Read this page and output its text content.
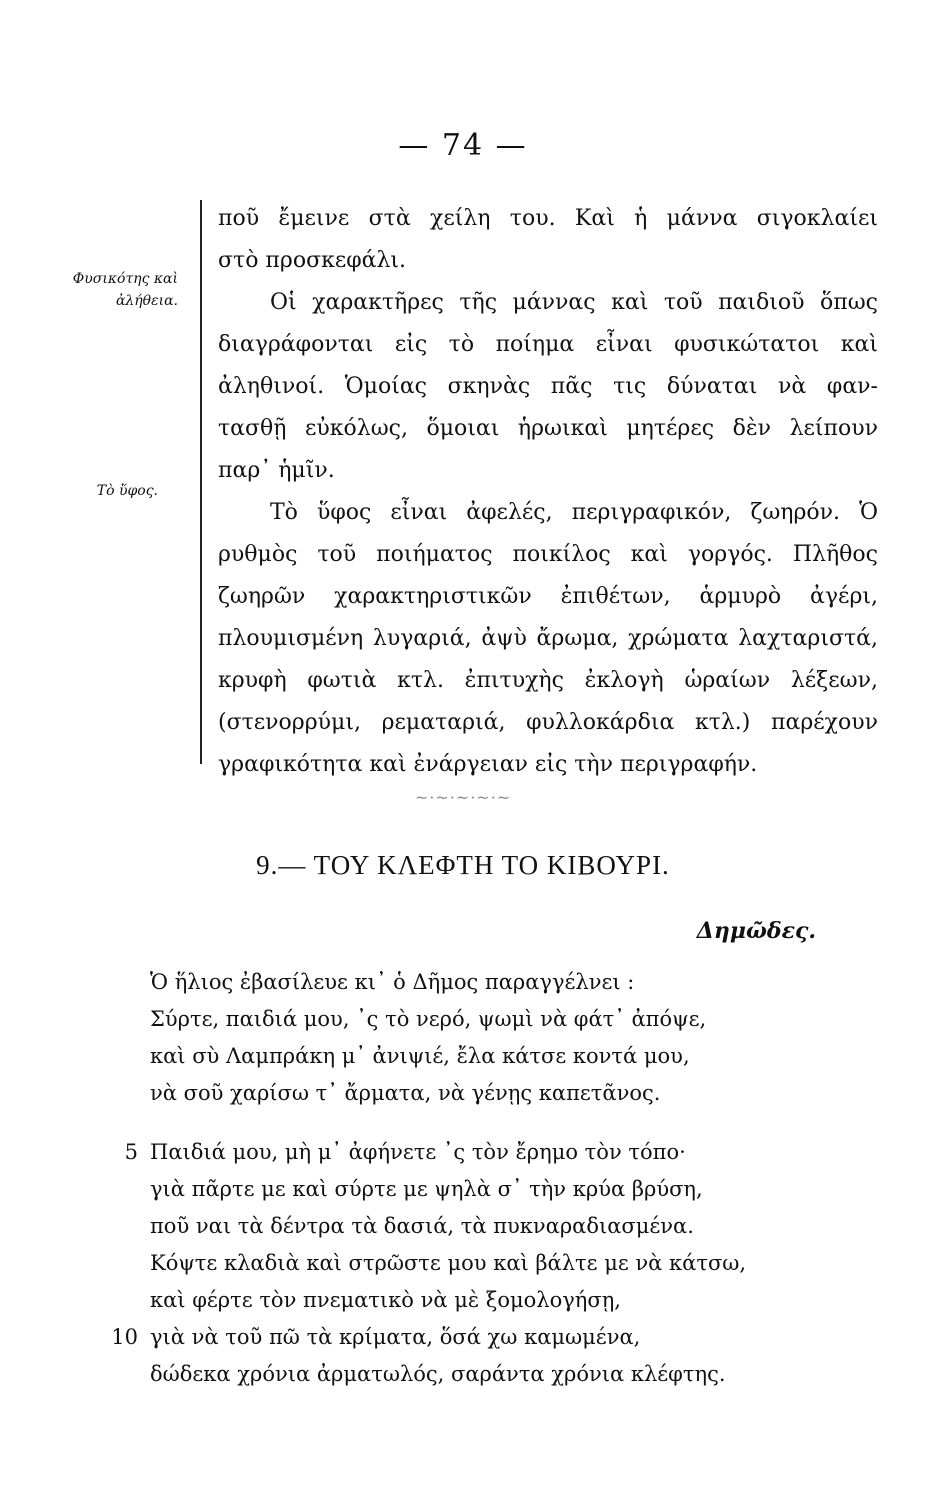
— 74 —
Φυσικότης καὶ
ἀλήθεια.
Τὸ ὕφος.
ποῦ ἔμεινε στὰ χείλη του. Καὶ ἡ μάννα σιγοκλαίει
στὸ προσκεφάλι.
Οἱ χαρακτῆρες τῆς μάννας καὶ τοῦ παιδιοῦ ὅπως
διαγράφονται εἰς τὸ ποίημα εἶναι φυσικώτατοι καὶ
ἀληθινοί. Ὁμοίας σκηνὰς πᾶς τις δύναται νὰ φαν-
τασθῇ εὐκόλως, ὅμοιαι ἡρωικαὶ μητέρες δὲν λείπουν
παρ᾽ ἡμῖν.
Τὸ ὕφος εἶναι ἀφελές, περιγραφικόν, ζωηρόν. Ὁ
ρυθμὸς τοῦ ποιήματος ποικίλος καὶ γοργός. Πλῆθος
ζωηρῶν χαρακτηριστικῶν ἐπιθέτων, ἁρμυρὸ ἀγέρι,
πλουμισμένη λυγαριά, ἀψὺ ἄρωμα, χρώματα λαχταριστά,
κρυφὴ φωτιὰ κτλ. ἐπιτυχὴς ἐκλογὴ ὡραίων λέξεων,
(στενορρύμι, ρεματαριά, φυλλοκάρδια κτλ.) παρέχουν
γραφικότητα καὶ ἐνάργειαν εἰς τὴν περιγραφήν.
~·~·~·~·~
9.— ΤΟΥ ΚΛΕΦΤΗ ΤΟ ΚΙΒΟΥΡΙ.
Δημῶδες.
Ὁ ἥλιος ἐβασίλευε κι᾽ ὁ Δῆμος παραγγέλνει :
Σύρτε, παιδιά μου, ᾽ς τὸ νερό, ψωμὶ νὰ φάτ᾽ ἀπόψε,
καὶ σὺ Λαμπράκη μ᾽ ἀνιψιέ, ἔλα κάτσε κοντά μου,
νὰ σοῦ χαρίσω τ᾽ ἄρματα, νὰ γένῃς καπετᾶνος.
5 Παιδιά μου, μὴ μ᾽ ἀφήνετε ᾽ς τὸν ἔρημο τὸν τόπο·
γιὰ πᾶρτε με καὶ σύρτε με ψηλὰ σ᾽ τὴν κρύα βρύση,
ποῦ ναι τὰ δέντρα τὰ δασιά, τὰ πυκναραδιασμένα.
Κόψτε κλαδιὰ καὶ στρῶστε μου καὶ βάλτε με νὰ κάτσω,
καὶ φέρτε τὸν πνεματικὸ νὰ μὲ ξομολογήσῃ,
10 γιὰ νὰ τοῦ πῶ τὰ κρίματα, ὅσά χω καμωμένα,
δώδεκα χρόνια ἀρματωλός, σαράντα χρόνια κλέφτης.
